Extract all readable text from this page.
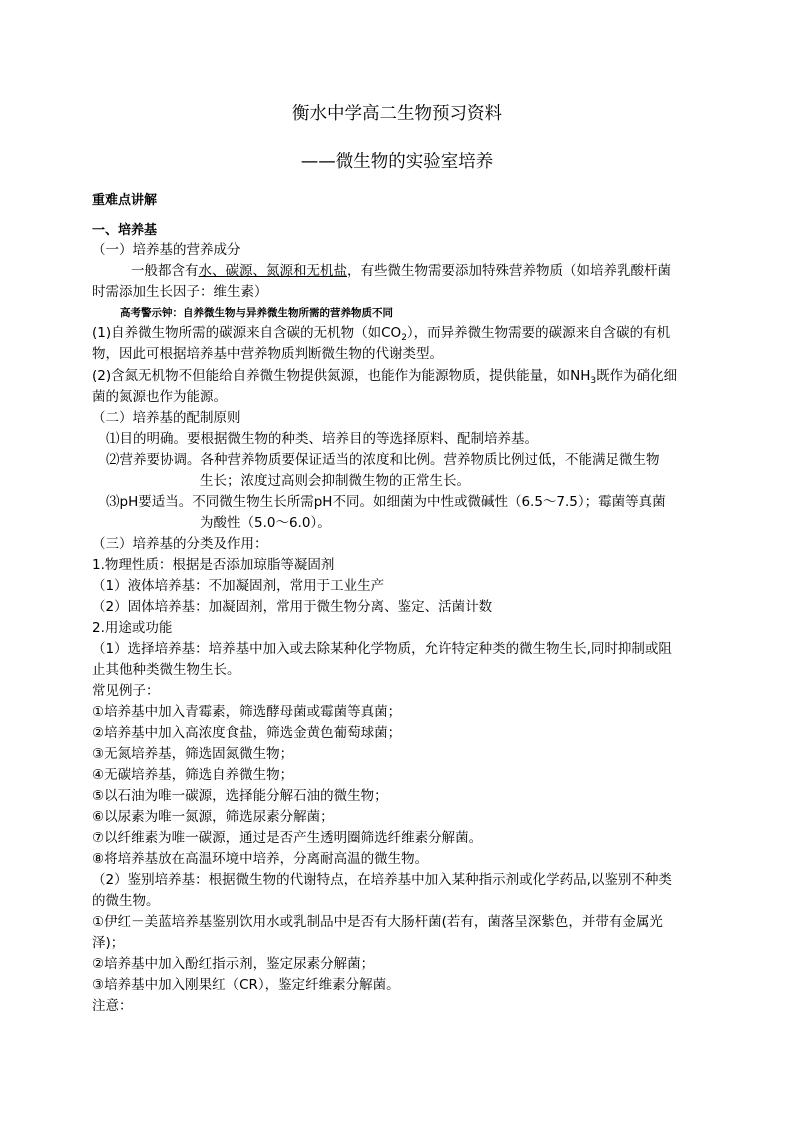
衡水中学高二生物预习资料
——微生物的实验室培养
重难点讲解
一、培养基
（一）培养基的营养成分
一般都含有水、碳源、氮源和无机盐，有些微生物需要添加特殊营养物质（如培养乳酸杆菌
时需添加生长因子：维生素）
高考警示钟：自养微生物与异养微生物所需的营养物质不同
(1)自养微生物所需的碳源来自含碳的无机物（如$CO_2$），而异养微生物需要的碳源来自含碳的有机
物，因此可根据培养基中营养物质判断微生物的代谢类型。
(2)含氮无机物不但能给自养微生物提供氮源，也能作为能源物质，提供能量，如$NH_3$既作为硝化细
菌的氮源也作为能源。
（二）培养基的配制原则
⑴目的明确。要根据微生物的种类、培养目的等选择原料、配制培养基。
⑵营养要协调。各种营养物质要保证适当的浓度和比例。营养物质比例过低，不能满足微生物
生长；浓度过高则会抑制微生物的正常生长。
⑶pH要适当。不同微生物生长所需pH不同。如细菌为中性或微碱性（6.5～7.5）；霉菌等真菌
为酸性（5.0～6.0）。
（三）培养基的分类及作用：
1.物理性质：根据是否添加琼脂等凝固剂
（1）液体培养基：不加凝固剂，常用于工业生产
（2）固体培养基：加凝固剂，常用于微生物分离、鉴定、活菌计数
2.用途或功能
（1）选择培养基：培养基中加入或去除某种化学物质，允许特定种类的微生物生长,同时抑制或阻
止其他种类微生物生长。
常见例子：
①培养基中加入青霉素，筛选酵母菌或霉菌等真菌；
②培养基中加入高浓度食盐，筛选金黄色葡萄球菌；
③无氮培养基，筛选固氮微生物；
④无碳培养基，筛选自养微生物；
⑤以石油为唯一碳源，选择能分解石油的微生物；
⑥以尿素为唯一氮源，筛选尿素分解菌；
⑦以纤维素为唯一碳源，通过是否产生透明圈筛选纤维素分解菌。
⑧将培养基放在高温环境中培养，分离耐高温的微生物。
（2）鉴别培养基：根据微生物的代谢特点，在培养基中加入某种指示剂或化学药品,以鉴别不种类
的微生物。
①伊红－美蓝培养基鉴别饮用水或乳制品中是否有大肠杆菌(若有，菌落呈深紫色，并带有金属光
泽)；
②培养基中加入酚红指示剂，鉴定尿素分解菌；
③培养基中加入刚果红（CR），鉴定纤维素分解菌。
注意：
